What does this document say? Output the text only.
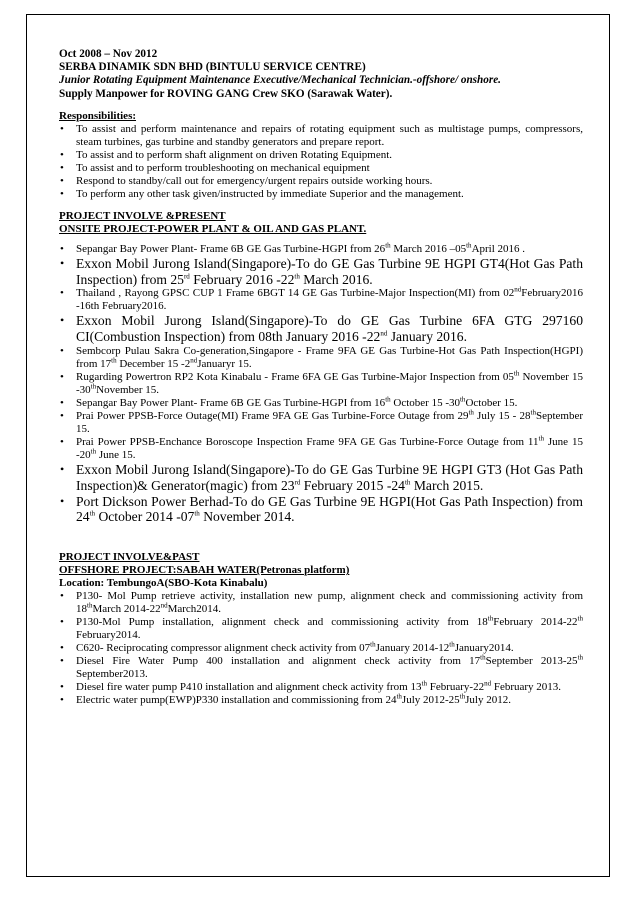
Oct 2008 – Nov 2012
SERBA DINAMIK SDN BHD (BINTULU SERVICE CENTRE)
Junior Rotating Equipment Maintenance Executive/Mechanical Technician.-offshore/ onshore.
Supply Manpower for ROVING GANG Crew SKO (Sarawak Water).
Responsibilities:
• To assist and perform maintenance and repairs of rotating equipment such as multistage pumps, compressors, steam turbines, gas turbine and standby generators and prepare report.
• To assist and to perform shaft alignment on driven Rotating Equipment.
• To assist and to perform troubleshooting on mechanical equipment
• Respond to standby/call out for emergency/urgent repairs outside working hours.
• To perform any other task given/instructed by immediate Superior and the management.
PROJECT INVOLVE &PRESENT
ONSITE PROJECT-POWER PLANT & OIL AND GAS PLANT.
• Sepangar Bay Power Plant- Frame 6B GE Gas Turbine-HGPI from 26th March 2016 –05thApril 2016 .
• Exxon Mobil Jurong Island(Singapore)-To do GE Gas Turbine 9E HGPI GT4(Hot Gas Path Inspection) from 25rd February 2016 -22th March 2016.
• Thailand , Rayong GPSC CUP 1 Frame 6BGT 14 GE Gas Turbine-Major Inspection(MI) from 02ndFebruary2016 -16th February2016.
• Exxon Mobil Jurong Island(Singapore)-To do GE Gas Turbine 6FA GTG 297160 CI(Combustion Inspection) from 08th January 2016 -22nd January 2016.
• Sembcorp Pulau Sakra Co-generation,Singapore - Frame 9FA GE Gas Turbine-Hot Gas Path Inspection(HGPI) from 17th December 15 -2ndJanuaryr 15.
• Rugarding Powertron RP2 Kota Kinabalu - Frame 6FA GE Gas Turbine-Major Inspection from 05th November 15 -30thNovember 15.
• Sepangar Bay Power Plant- Frame 6B GE Gas Turbine-HGPI from 16th October 15 -30thOctober 15.
• Prai Power PPSB-Force Outage(MI) Frame 9FA GE Gas Turbine-Force Outage from 29th July 15 - 28thSeptember 15.
• Prai Power PPSB-Enchance Boroscope Inspection Frame 9FA GE Gas Turbine-Force Outage from 11th June 15 -20th June 15.
• Exxon Mobil Jurong Island(Singapore)-To do GE Gas Turbine 9E HGPI GT3 (Hot Gas Path Inspection)& Generator(magic) from 23rd February 2015 -24th March 2015.
• Port Dickson Power Berhad-To do GE Gas Turbine 9E HGPI(Hot Gas Path Inspection) from 24th October 2014 -07th November 2014.
PROJECT INVOLVE&PAST
OFFSHORE PROJECT:SABAH WATER(Petronas platform)
Location: TembungoA(SBO-Kota Kinabalu)
• P130- Mol Pump retrieve activity, installation new pump, alignment check and commissioning activity from 18thMarch 2014-22ndMarch2014.
• P130-Mol Pump installation, alignment check and commissioning activity from 18thFebruary 2014-22th February2014.
• C620- Reciprocating compressor alignment check activity from 07thJanuary 2014-12thJanuary2014.
• Diesel Fire Water Pump 400 installation and alignment check activity from 17thSeptember 2013-25th September2013.
• Diesel fire water pump P410 installation and alignment check activity from 13th February-22nd February 2013.
• Electric water pump(EWP)P330 installation and commissioning from 24thJuly 2012-25thJuly 2012.
